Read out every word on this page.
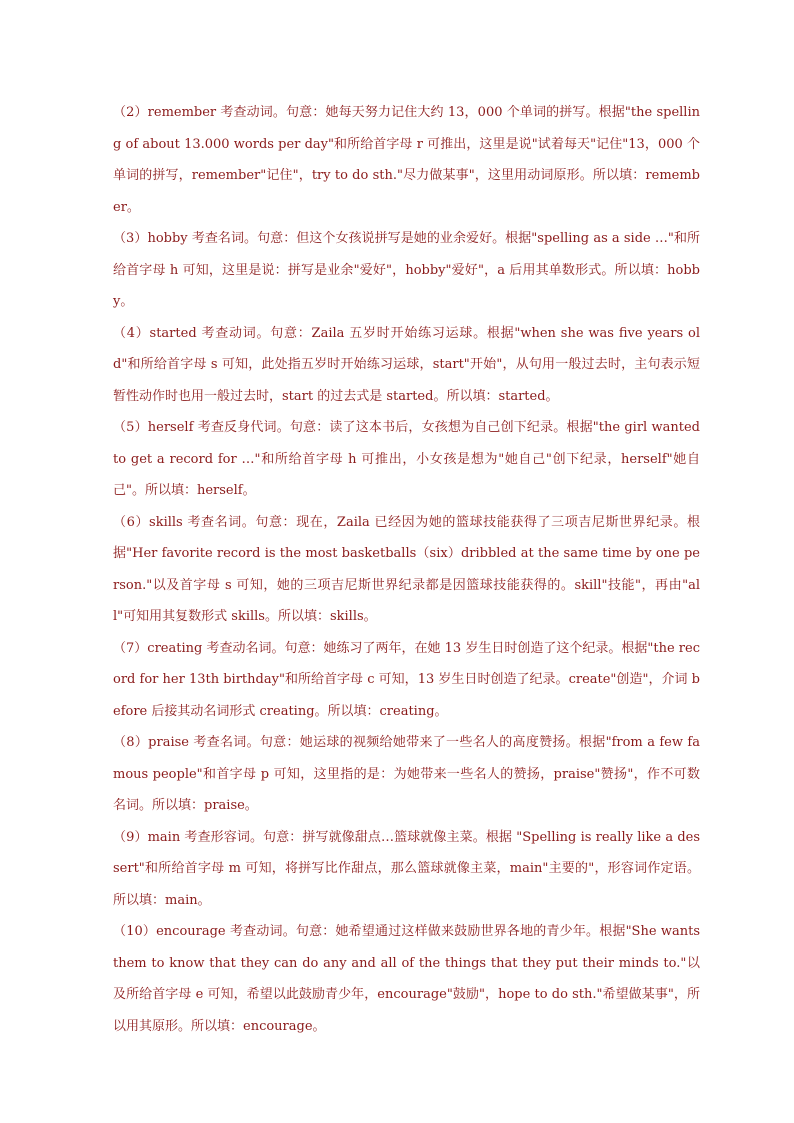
（2）remember 考查动词。句意：她每天努力记住大约 13，000 个单词的拼写。根据"the spelling of about 13.000 words per day"和所给首字母 r 可推出，这里是说"试着每天"记住"13，000 个单词的拼写，remember"记住"，try to do sth."尽力做某事"，这里用动词原形。所以填：remember。

（3）hobby 考查名词。句意：但这个女孩说拼写是她的业余爱好。根据"spelling as a side …"和所给首字母 h 可知，这里是说：拼写是业余"爱好"，hobby"爱好"，a 后用其单数形式。所以填：hobby。

（4）started 考查动词。句意：Zaila 五岁时开始练习运球。根据"when she was five years old"和所给首字母 s 可知，此处指五岁时开始练习运球，start"开始"，从句用一般过去时，主句表示短暂性动作时也用一般过去时，start 的过去式是 started。所以填：started。

（5）herself 考查反身代词。句意：读了这本书后，女孩想为自己创下纪录。根据"the girl wanted to get a record for …"和所给首字母 h 可推出，小女孩是想为"她自己"创下纪录，herself"她自己"。所以填：herself。

（6）skills 考查名词。句意：现在，Zaila 已经因为她的篮球技能获得了三项吉尼斯世界纪录。根据"Her favorite record is the most basketballs（six）dribbled at the same time by one person."以及首字母 s 可知，她的三项吉尼斯世界纪录都是因篮球技能获得的。skill"技能"，再由"all"可知用其复数形式 skills。所以填：skills。

（7）creating 考查动名词。句意：她练习了两年，在她 13 岁生日时创造了这个纪录。根据"the record for her 13th birthday"和所给首字母 c 可知，13 岁生日时创造了纪录。create"创造"，介词 before 后接其动名词形式 creating。所以填：creating。

（8）praise 考查名词。句意：她运球的视频给她带来了一些名人的高度赞扬。根据"from a few famous people"和首字母 p 可知，这里指的是：为她带来一些名人的赞扬，praise"赞扬"，作不可数名词。所以填：praise。

（9）main 考查形容词。句意：拼写就像甜点…篮球就像主菜。根据 "Spelling is really like a dessert"和所给首字母 m 可知，将拼写比作甜点，那么篮球就像主菜，main"主要的"，形容词作定语。所以填：main。

（10）encourage 考查动词。句意：她希望通过这样做来鼓励世界各地的青少年。根据"She wants them to know that they can do any and all of the things that they put their minds to."以及所给首字母 e 可知，希望以此鼓励青少年，encourage"鼓励"，hope to do sth."希望做某事"，所以用其原形。所以填：encourage。
